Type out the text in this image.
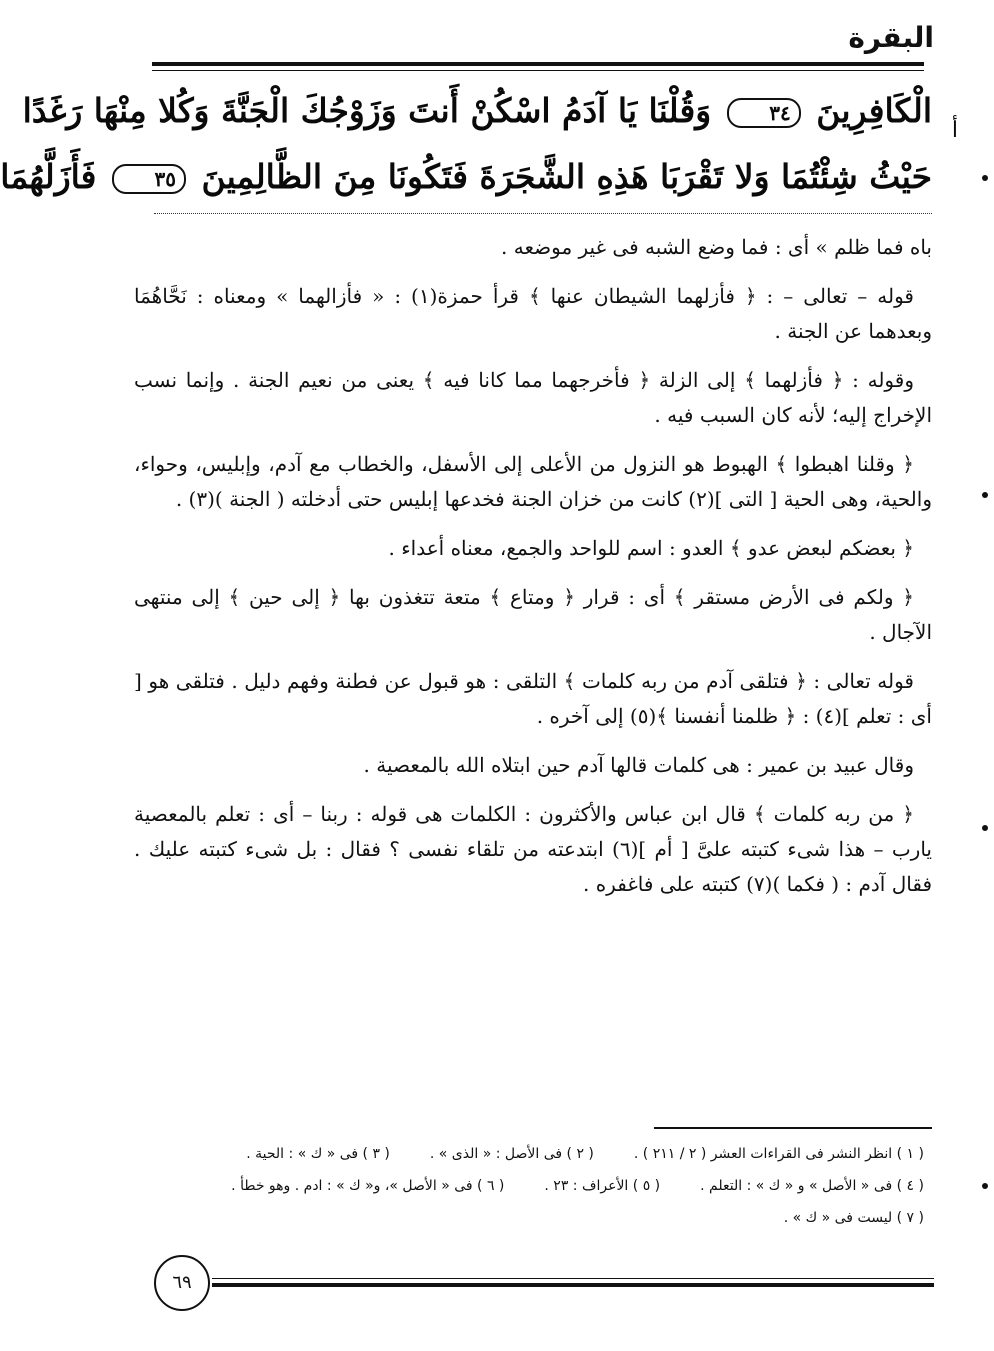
البقرة
أ
الْكَافِرِينَ ٣٤ وَقُلْنَا يَا آدَمُ اسْكُنْ أَنتَ وَزَوْجُكَ الْجَنَّةَ وَكُلا مِنْهَا رَغَدًا
حَيْثُ شِئْتُمَا وَلا تَقْرَبَا هَذِهِ الشَّجَرَةَ فَتَكُونَا مِنَ الظَّالِمِينَ ٣٥ فَأَزَلَّهُمَا

باه فما ظلم » أى : فما وضع الشبه فى غير موضعه .

قوله – تعالى – : ﴿ فأزلهما الشيطان عنها ﴾ قرأ حمزة(١) : « فأزالهما » ومعناه : نَحَّاهُمَا وبعدهما عن الجنة .

وقوله : ﴿ فأزلهما ﴾ إلى الزلة ﴿ فأخرجهما مما كانا فيه ﴾ يعنى من نعيم الجنة . وإنما نسب الإخراج إليه؛ لأنه كان السبب فيه .

﴿ وقلنا اهبطوا ﴾ الهبوط هو النزول من الأعلى إلى الأسفل، والخطاب مع آدم، وإبليس، وحواء، والحية، وهى الحية [ التى ](٢) كانت من خزان الجنة فخدعها إبليس حتى أدخلته ( الجنة )(٣) .

﴿ بعضكم لبعض عدو ﴾ العدو : اسم للواحد والجمع، معناه أعداء .

﴿ ولكم فى الأرض مستقر ﴾ أى : قرار ﴿ ومتاع ﴾ متعة تتغذون بها ﴿ إلى حين ﴾ إلى منتهى الآجال .

قوله تعالى : ﴿ فتلقى آدم من ربه كلمات ﴾ التلقى : هو قبول عن فطنة وفهم دليل . فتلقى هو [ أى : تعلم ](٤) : ﴿ ظلمنا أنفسنا ﴾(٥) إلى آخره .

وقال عبيد بن عمير : هى كلمات قالها آدم حين ابتلاه الله بالمعصية .

﴿ من ربه كلمات ﴾ قال ابن عباس والأكثرون : الكلمات هى قوله : ربنا – أى : تعلم بالمعصية يارب – هذا شىء كتبته علىَّ [ أم ](٦) ابتدعته من تلقاء نفسى ؟ فقال : بل شىء كتبته عليك . فقال آدم : ( فكما )(٧) كتبته على فاغفره .

( ١ ) انظر النشر فى القراءات العشر ( ٢ / ٢١١ ) .
( ٢ ) فى الأصل : « الذى » .
( ٣ ) فى « ك » : الحية .
( ٤ ) فى « الأصل » و « ك » : التعلم .
( ٥ ) الأعراف : ٢٣ .
( ٦ ) فى « الأصل »، و« ك » : ادم . وهو خطأ .
( ٧ ) ليست فى « ك » .
٦٩
